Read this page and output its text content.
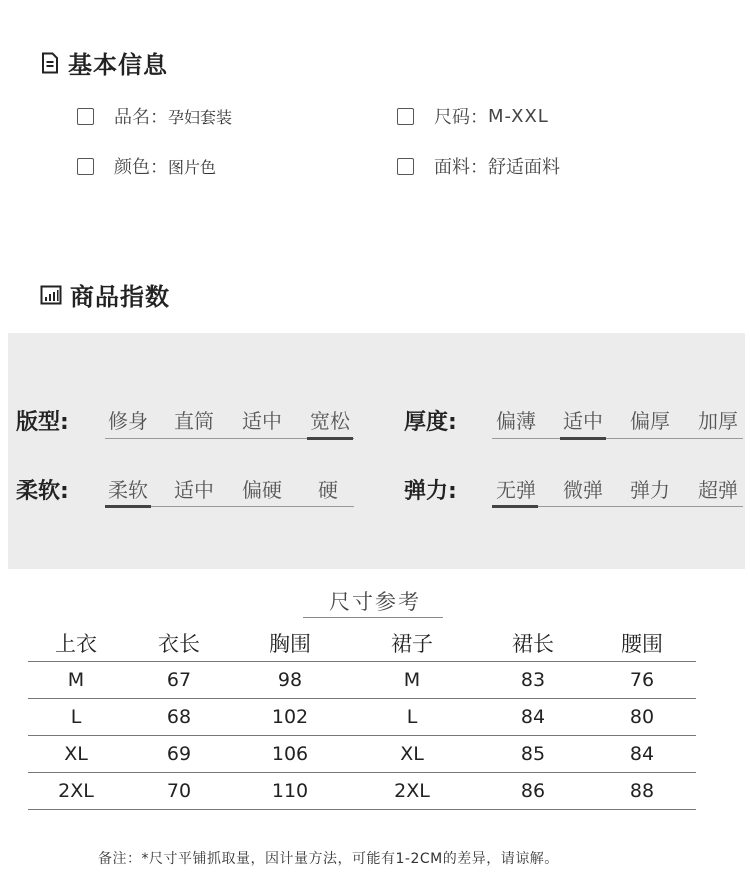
基本信息
品名： 孕妇套装	尺码： M-XXL
颜色： 图片色	面料： 舒适面料
商品指数
版型: 修身 直筒 适中 宽松 厚度: 偏薄 适中 偏厚 加厚
柔软: 柔软 适中 偏硬 硬	弹力: 无弹 微弹 弹力 超弹
尺寸参考
上衣	衣长	胸围	裙子	裙长	腰围
M	67	98	M	83	76
L	68	102	L	84	80
XL	69	106	XL	85	84
2XL	70	110	2XL	86	88
备注：*尺寸平铺抓取量，因计量方法，可能有1-2CM的差异，请谅解。
